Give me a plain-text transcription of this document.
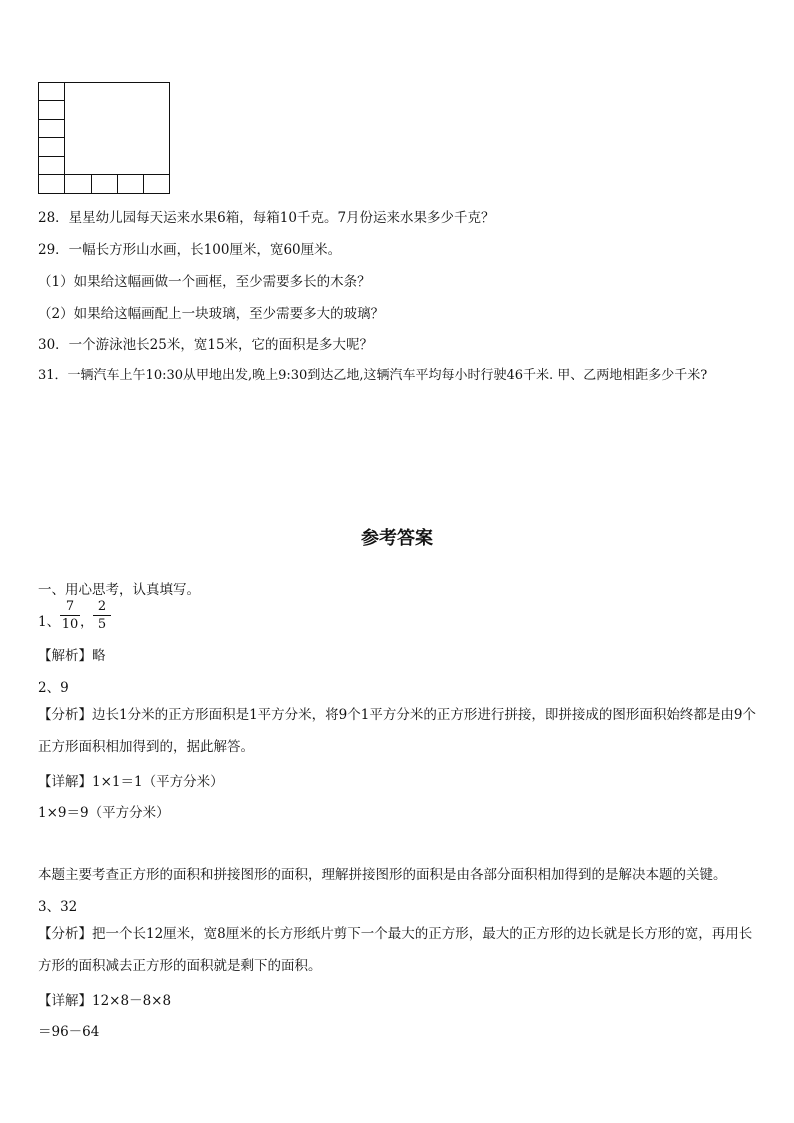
28．星星幼儿园每天运来水果6箱，每箱10千克。7月份运来水果多少千克？
29．一幅长方形山水画，长100厘米，宽60厘米。
（1）如果给这幅画做一个画框，至少需要多长的木条？
（2）如果给这幅画配上一块玻璃，至少需要多大的玻璃？
30．一个游泳池长25米，宽15米，它的面积是多大呢？
31．一辆汽车上午10:30从甲地出发,晚上9:30到达乙地,这辆汽车平均每小时行驶46千米. 甲、乙两地相距多少千米?
参考答案
一、用心思考，认真填写。
1、
7
10 ，
2
5
【解析】略
2、9
【分析】边长1分米的正方形面积是1平方分米，将9个1平方分米的正方形进行拼接，即拼接成的图形面积始终都是由9个正方形面积相加得到的，据此解答。
【详解】1×1＝1（平方分米）
1×9＝9（平方分米）
本题主要考查正方形的面积和拼接图形的面积，理解拼接图形的面积是由各部分面积相加得到的是解决本题的关键。
3、32
【分析】把一个长12厘米，宽8厘米的长方形纸片剪下一个最大的正方形，最大的正方形的边长就是长方形的宽，再用长方形的面积减去正方形的面积就是剩下的面积。
【详解】12×8－8×8
＝96－64
